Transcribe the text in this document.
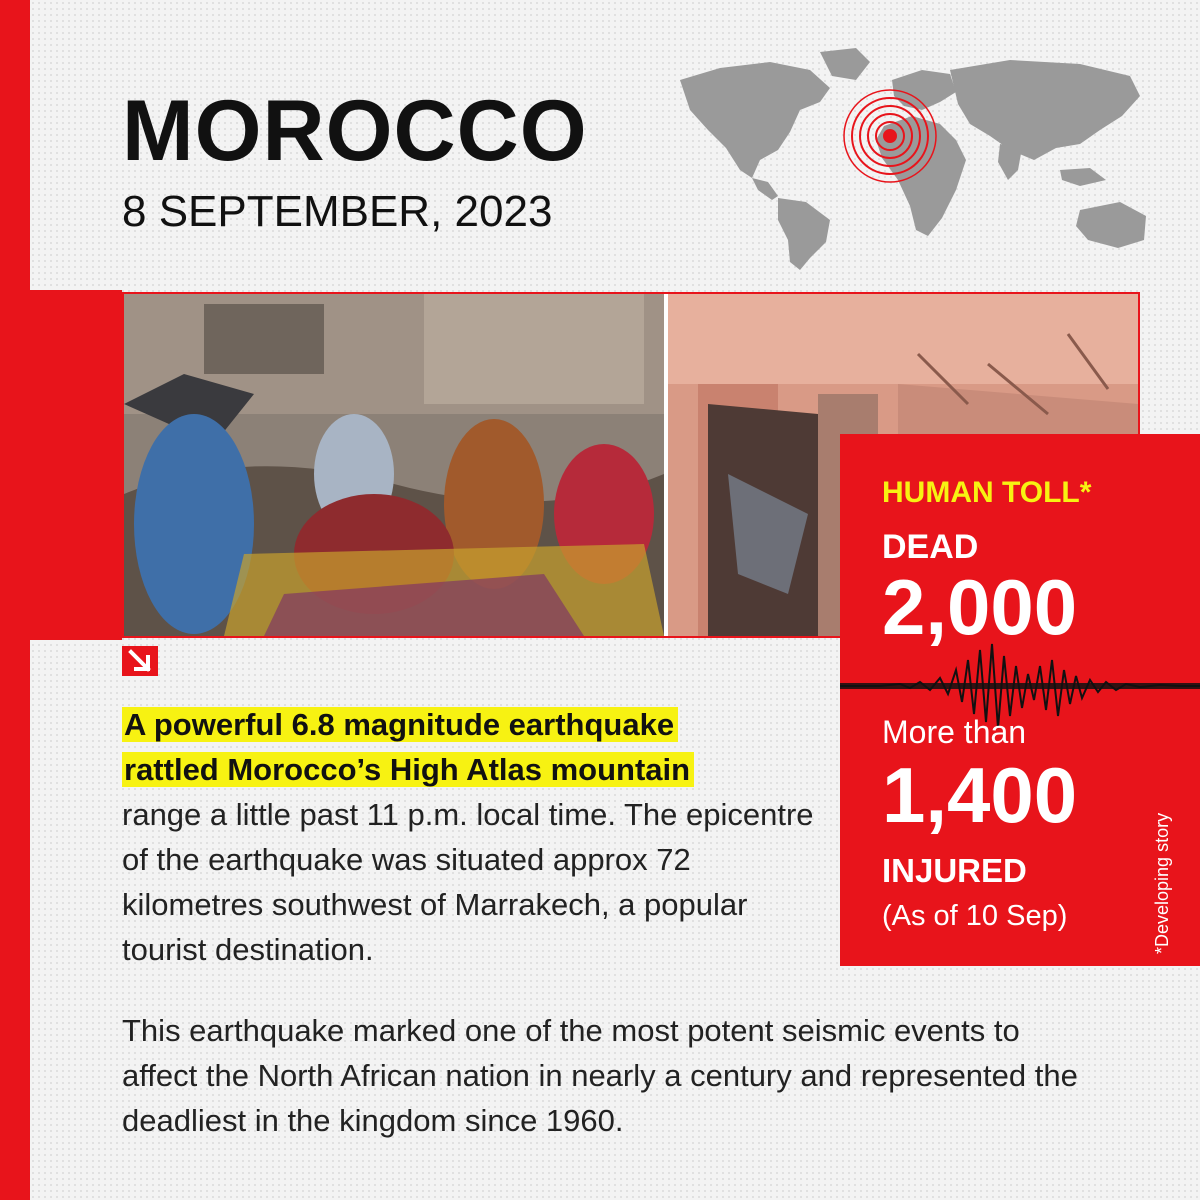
MOROCCO
8 SEPTEMBER, 2023
A powerful 6.8 magnitude earthquake
rattled Morocco’s High Atlas mountain
range a little past 11 p.m. local time. The epicentre of the earthquake was situated approx 72 kilometres southwest of Marrakech, a popular tourist destination.
This earthquake marked one of the most potent seismic events to affect the North African nation in nearly a century and represented the deadliest in the kingdom since 1960.
HUMAN TOLL*
DEAD
2,000
More than
1,400
INJURED
(As of 10 Sep)	*Developing story
